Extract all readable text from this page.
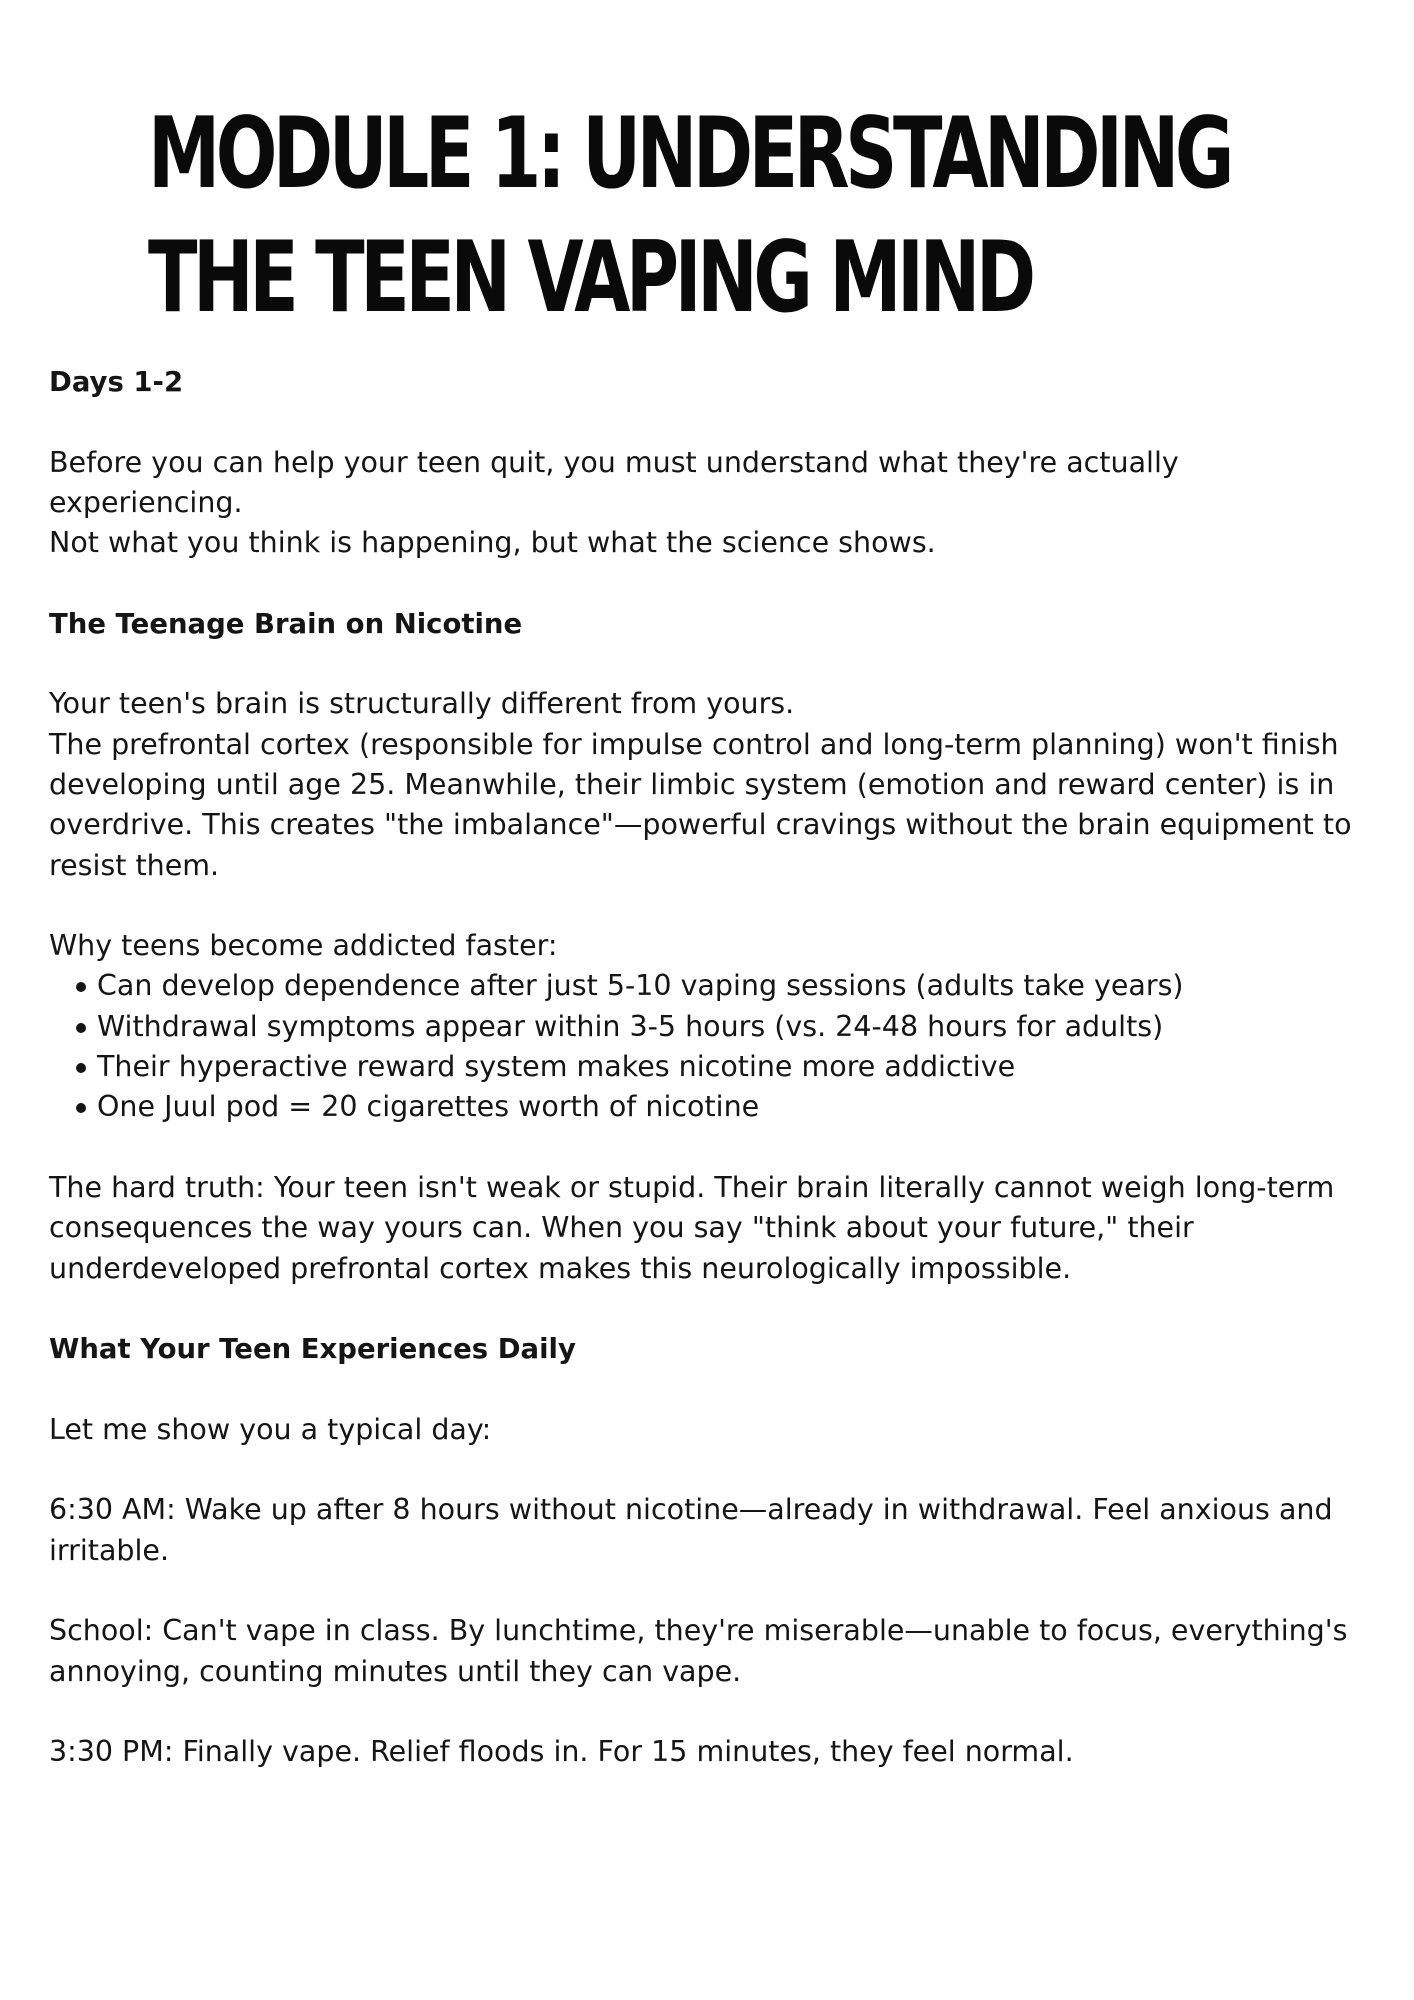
MODULE 1: UNDERSTANDING
THE TEEN VAPING MIND

Days 1-2

Before you can help your teen quit, you must understand what they're actually experiencing.
Not what you think is happening, but what the science shows.

The Teenage Brain on Nicotine

Your teen's brain is structurally different from yours.
The prefrontal cortex (responsible for impulse control and long-term planning) won't finish developing until age 25. Meanwhile, their limbic system (emotion and reward center) is in overdrive. This creates "the imbalance"—powerful cravings without the brain equipment to resist them.

Why teens become addicted faster:

Can develop dependence after just 5-10 vaping sessions (adults take years)
Withdrawal symptoms appear within 3-5 hours (vs. 24-48 hours for adults)
Their hyperactive reward system makes nicotine more addictive
One Juul pod = 20 cigarettes worth of nicotine

The hard truth: Your teen isn't weak or stupid. Their brain literally cannot weigh long-term consequences the way yours can. When you say "think about your future," their underdeveloped prefrontal cortex makes this neurologically impossible.

What Your Teen Experiences Daily

Let me show you a typical day:

6:30 AM: Wake up after 8 hours without nicotine—already in withdrawal. Feel anxious and irritable.

School: Can't vape in class. By lunchtime, they're miserable—unable to focus, everything's annoying, counting minutes until they can vape.

3:30 PM: Finally vape. Relief floods in. For 15 minutes, they feel normal.
